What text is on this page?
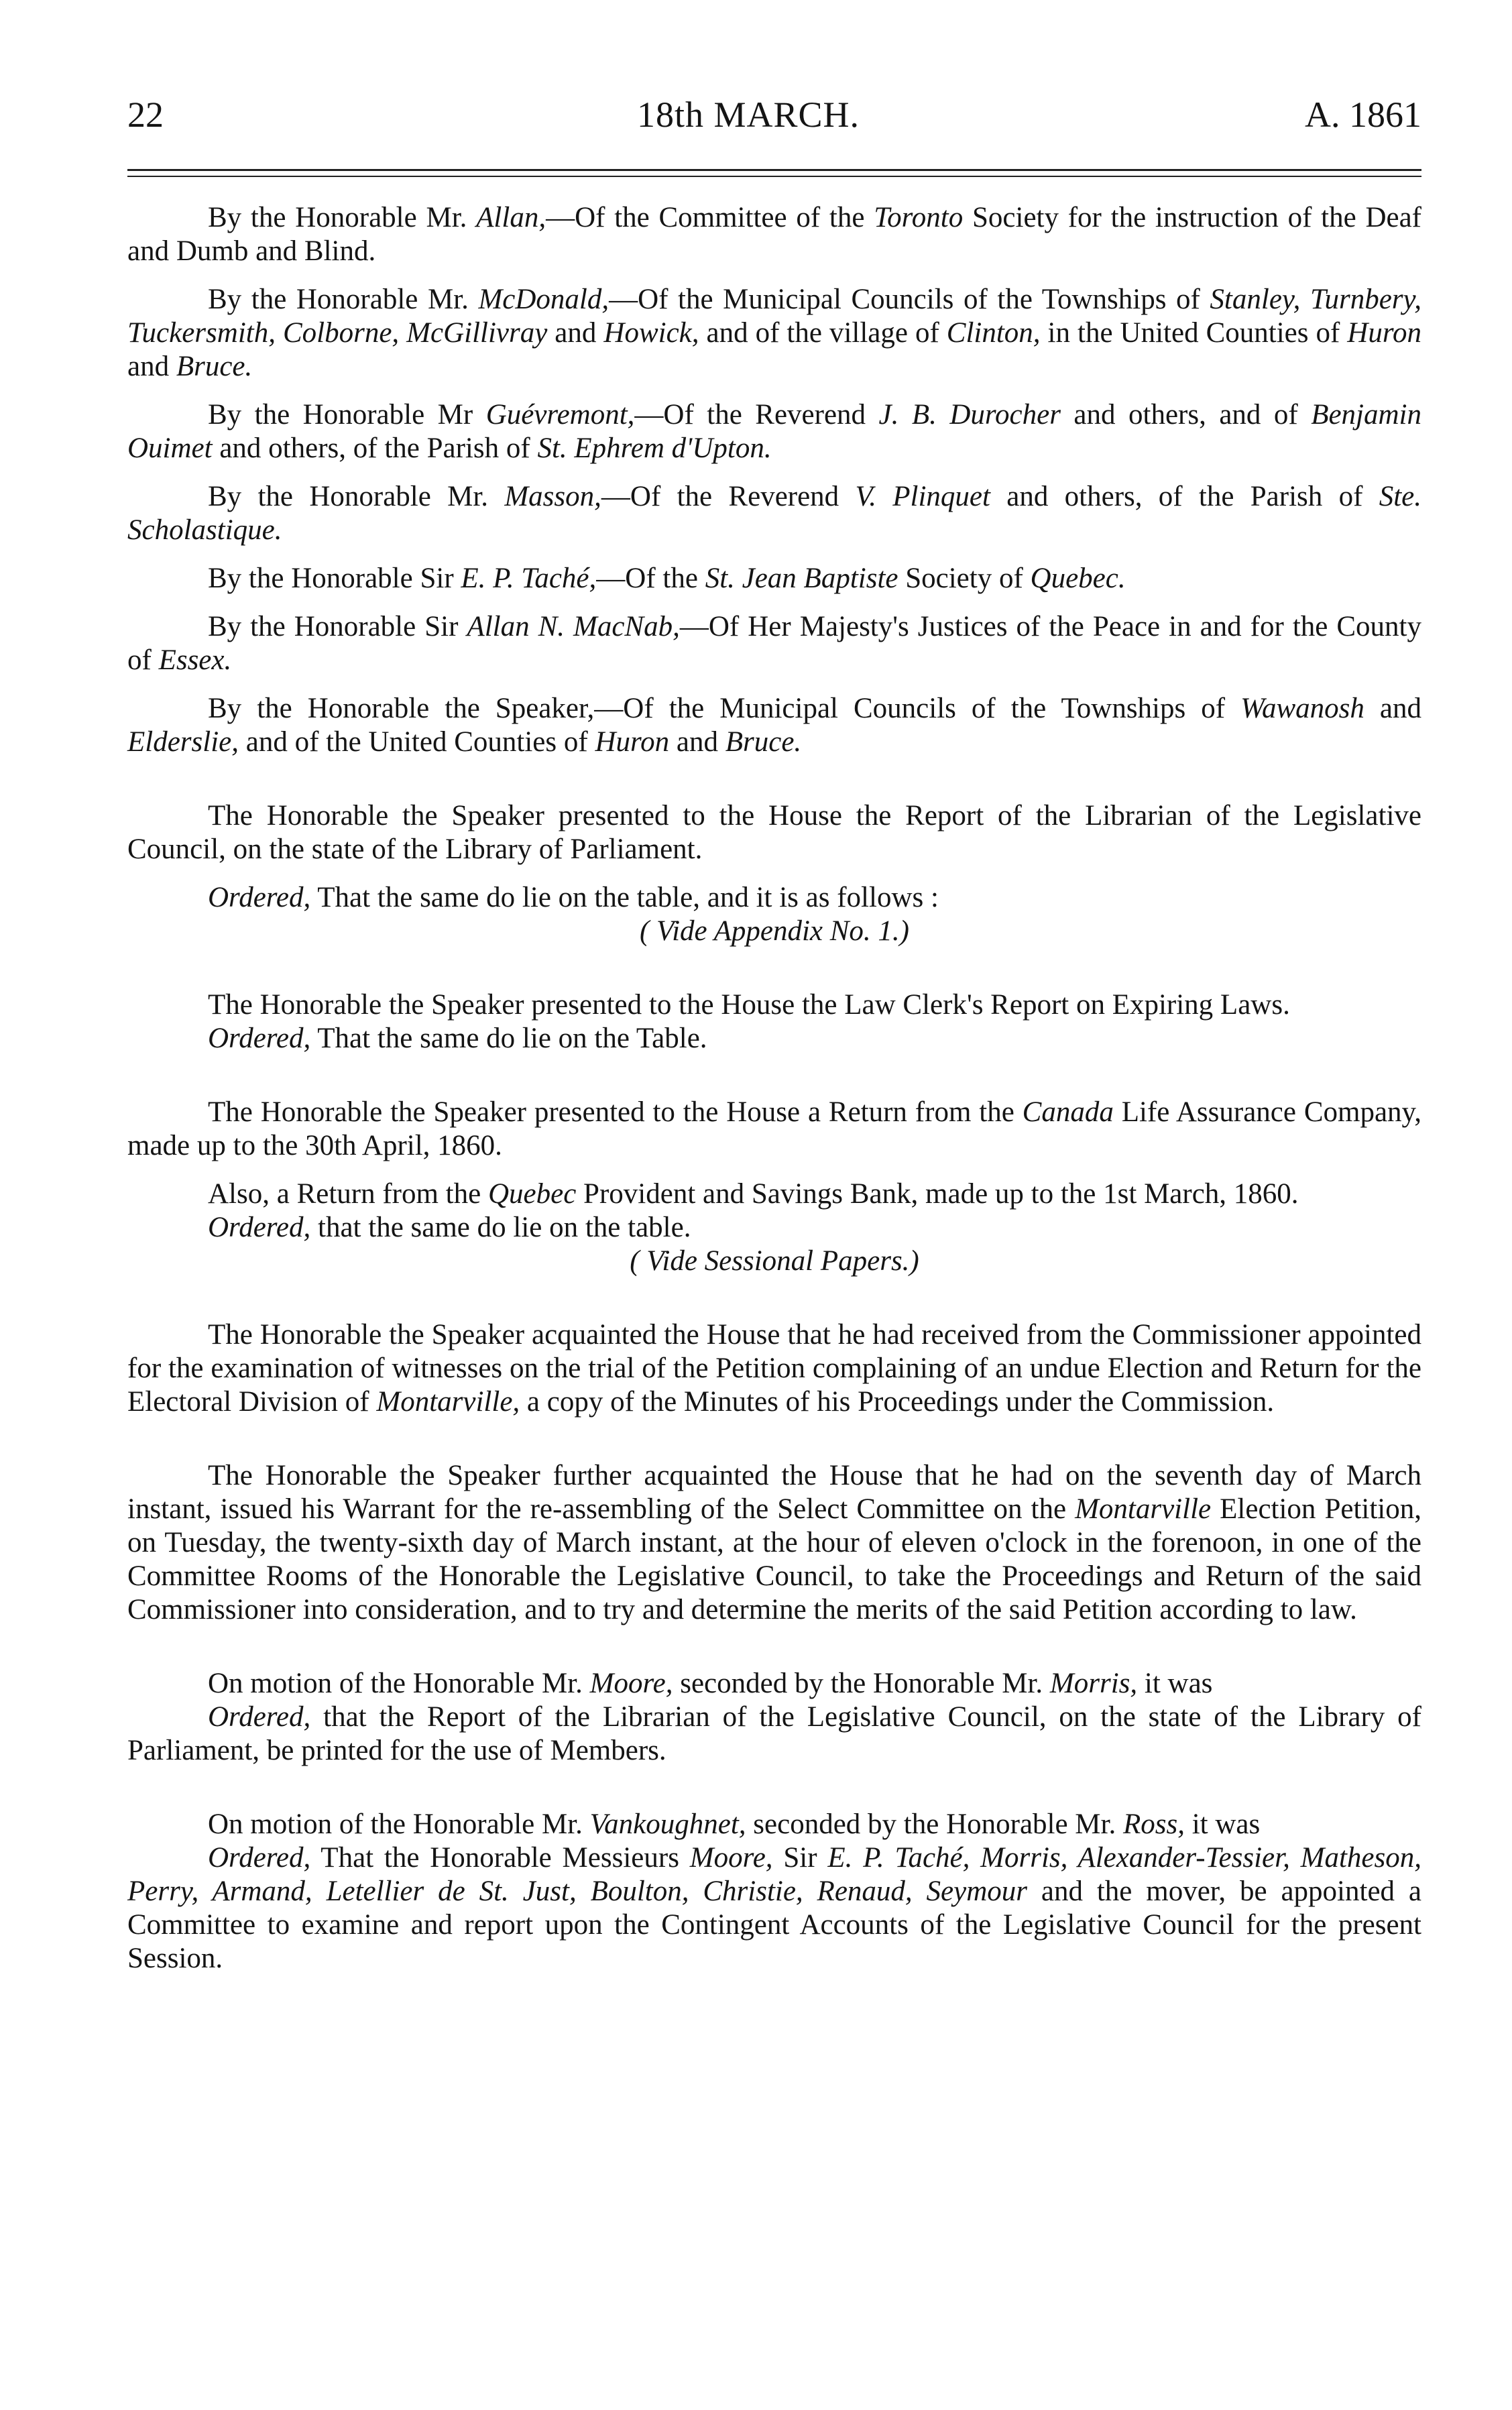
22	18th MARCH.	A. 1861

By the Honorable Mr. Allan,—Of the Committee of the Toronto Society for the instruction of the Deaf and Dumb and Blind.

By the Honorable Mr. McDonald,—Of the Municipal Councils of the Townships of Stanley, Turnbery, Tuckersmith, Colborne, McGillivray and Howick, and of the village of Clinton, in the United Counties of Huron and Bruce.

By the Honorable Mr Guévremont,—Of the Reverend J. B. Durocher and others, and of Benjamin Ouimet and others, of the Parish of St. Ephrem d'Upton.

By the Honorable Mr. Masson,—Of the Reverend V. Plinquet and others, of the Parish of Ste. Scholastique.

By the Honorable Sir E. P. Taché,—Of the St. Jean Baptiste Society of Quebec.

By the Honorable Sir Allan N. MacNab,—Of Her Majesty's Justices of the Peace in and for the County of Essex.

By the Honorable the Speaker,—Of the Municipal Councils of the Townships of Wawanosh and Elderslie, and of the United Counties of Huron and Bruce.

The Honorable the Speaker presented to the House the Report of the Librarian of the Legislative Council, on the state of the Library of Parliament.

Ordered, That the same do lie on the table, and it is as follows :

( Vide Appendix No. 1.)

The Honorable the Speaker presented to the House the Law Clerk's Report on Expiring Laws.

Ordered, That the same do lie on the Table.

The Honorable the Speaker presented to the House a Return from the Canada Life Assurance Company, made up to the 30th April, 1860.

Also, a Return from the Quebec Provident and Savings Bank, made up to the 1st March, 1860.

Ordered, that the same do lie on the table.

( Vide Sessional Papers.)

The Honorable the Speaker acquainted the House that he had received from the Commissioner appointed for the examination of witnesses on the trial of the Petition complaining of an undue Election and Return for the Electoral Division of Montarville, a copy of the Minutes of his Proceedings under the Commission.

The Honorable the Speaker further acquainted the House that he had on the seventh day of March instant, issued his Warrant for the re-assembling of the Select Committee on the Montarville Election Petition, on Tuesday, the twenty-sixth day of March instant, at the hour of eleven o'clock in the forenoon, in one of the Committee Rooms of the Honorable the Legislative Council, to take the Proceedings and Return of the said Commissioner into consideration, and to try and determine the merits of the said Petition according to law.

On motion of the Honorable Mr. Moore, seconded by the Honorable Mr. Morris, it was

Ordered, that the Report of the Librarian of the Legislative Council, on the state of the Library of Parliament, be printed for the use of Members.

On motion of the Honorable Mr. Vankoughnet, seconded by the Honorable Mr. Ross, it was

Ordered, That the Honorable Messieurs Moore, Sir E. P. Taché, Morris, Alexander-Tessier, Matheson, Perry, Armand, Letellier de St. Just, Boulton, Christie, Renaud, Seymour and the mover, be appointed a Committee to examine and report upon the Contingent Accounts of the Legislative Council for the present Session.
